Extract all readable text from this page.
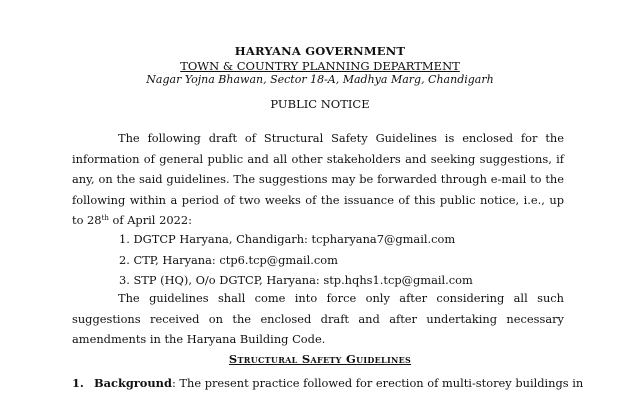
HARYANA GOVERNMENT
TOWN & COUNTRY PLANNING DEPARTMENT
Nagar Yojna Bhawan, Sector 18-A, Madhya Marg, Chandigarh
PUBLIC NOTICE
The following draft of Structural Safety Guidelines is enclosed for the information of general public and all other stakeholders and seeking suggestions, if any, on the said guidelines. The suggestions may be forwarded through e-mail to the following within a period of two weeks of the issuance of this public notice, i.e., up to 28th of April 2022:
1. DGTCP Haryana, Chandigarh: tcpharyana7@gmail.com
2. CTP, Haryana: ctp6.tcp@gmail.com
3. STP (HQ), O/o DGTCP, Haryana: stp.hqhs1.tcp@gmail.com
The guidelines shall come into force only after considering all such suggestions received on the enclosed draft and after undertaking necessary amendments in the Haryana Building Code.
Structural Safety Guidelines
1. Background: The present practice followed for erection of multi-storey buildings in
